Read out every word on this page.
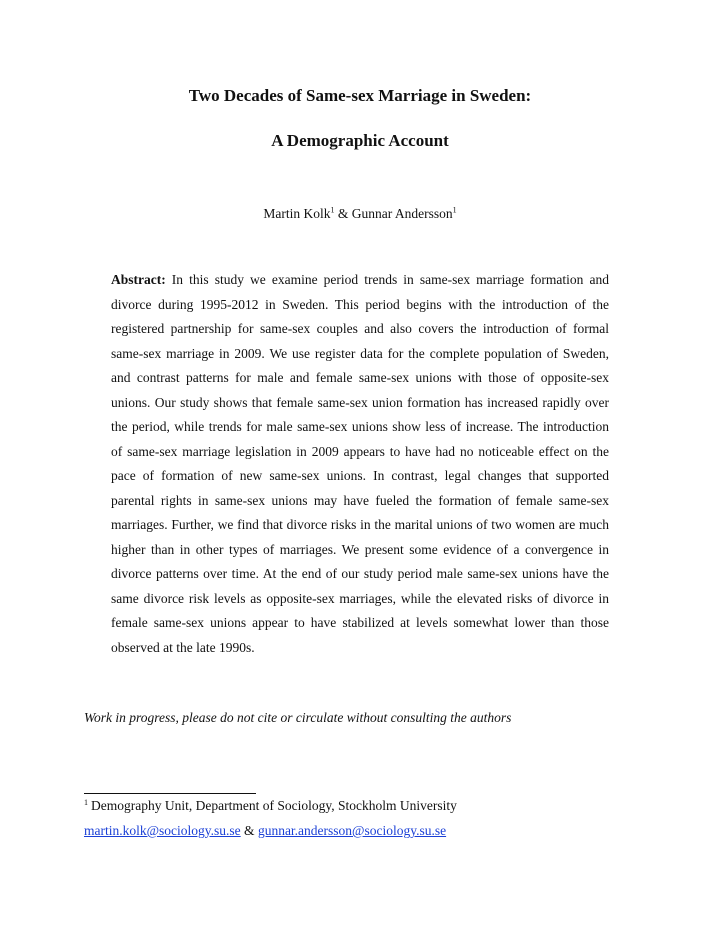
Two Decades of Same-sex Marriage in Sweden:
A Demographic Account
Martin Kolk$^1$ & Gunnar Andersson$^1$

Abstract: In this study we examine period trends in same-sex marriage formation and divorce during 1995-2012 in Sweden. This period begins with the introduction of the registered partnership for same-sex couples and also covers the introduction of formal same-sex marriage in 2009. We use register data for the complete population of Sweden, and contrast patterns for male and female same-sex unions with those of opposite-sex unions. Our study shows that female same-sex union formation has increased rapidly over the period, while trends for male same-sex unions show less of increase. The introduction of same-sex marriage legislation in 2009 appears to have had no noticeable effect on the pace of formation of new same-sex unions. In contrast, legal changes that supported parental rights in same-sex unions may have fueled the formation of female same-sex marriages. Further, we find that divorce risks in the marital unions of two women are much higher than in other types of marriages. We present some evidence of a convergence in divorce patterns over time. At the end of our study period male same-sex unions have the same divorce risk levels as opposite-sex marriages, while the elevated risks of divorce in female same-sex unions appear to have stabilized at levels somewhat lower than those observed at the late 1990s.

Work in progress, please do not cite or circulate without consulting the authors
$^1$ Demography Unit, Department of Sociology, Stockholm University
martin.kolk@sociology.su.se & gunnar.andersson@sociology.su.se
